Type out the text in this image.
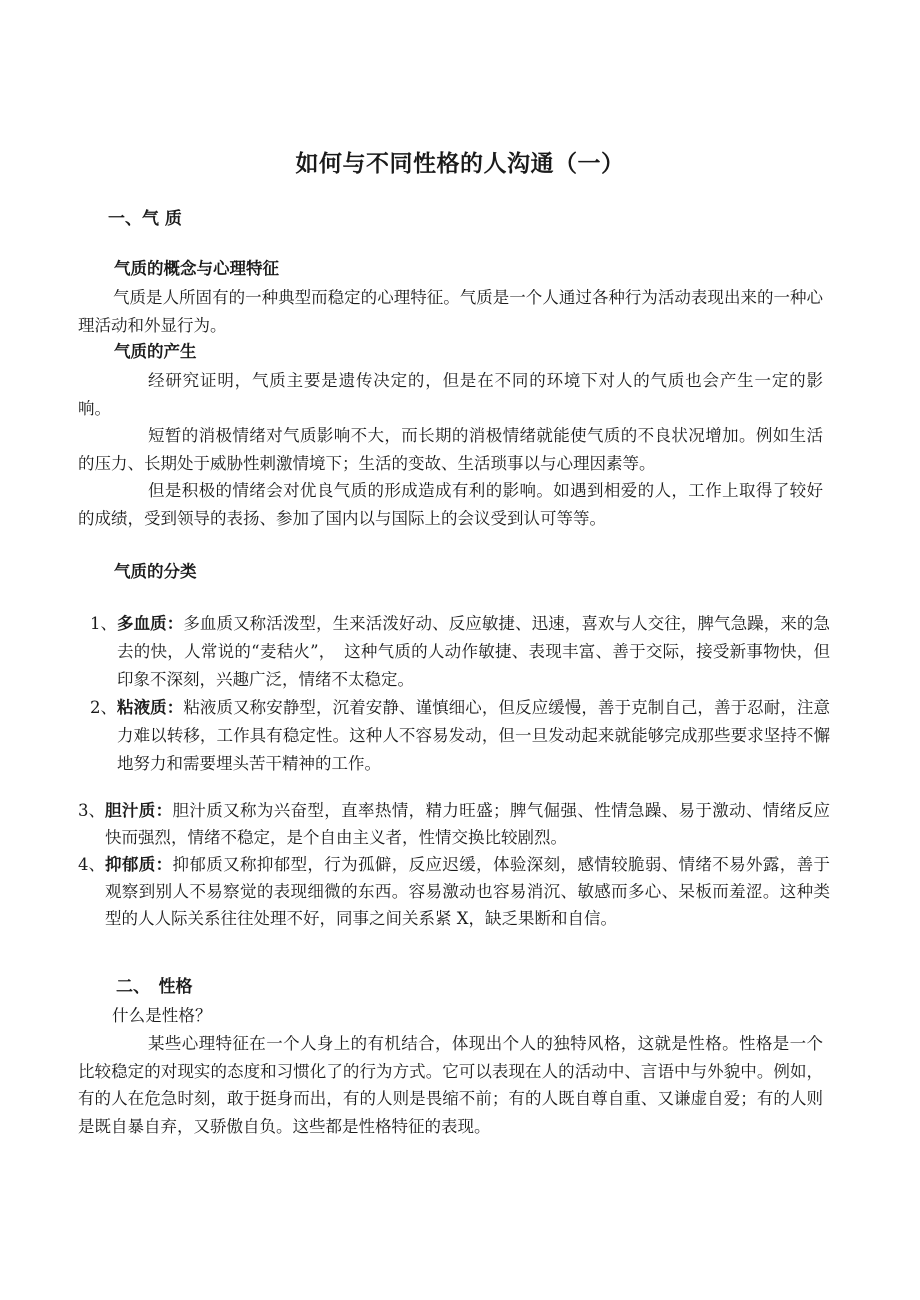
如何与不同性格的人沟通（一）
一、气 质
气质的概念与心理特征
气质是人所固有的一种典型而稳定的心理特征。气质是一个人通过各种行为活动表现出来的一种心理活动和外显行为。
气质的产生
经研究证明，气质主要是遗传决定的，但是在不同的环境下对人的气质也会产生一定的影响。
短暂的消极情绪对气质影响不大，而长期的消极情绪就能使气质的不良状况增加。例如生活的压力、长期处于威胁性刺激情境下；生活的变故、生活琐事以与心理因素等。
但是积极的情绪会对优良气质的形成造成有利的影响。如遇到相爱的人，工作上取得了较好的成绩，受到领导的表扬、参加了国内以与国际上的会议受到认可等等。
气质的分类
1、 多血质：多血质又称活泼型，生来活泼好动、反应敏捷、迅速，喜欢与人交往，脾气急躁，来的急去的快，人常说的“麦秸火”，　这种气质的人动作敏捷、表现丰富、善于交际，接受新事物快，但印象不深刻，兴趣广泛，情绪不太稳定。
2、 粘液质：粘液质又称安静型，沉着安静、谨慎细心，但反应缓慢，善于克制自己，善于忍耐，注意力难以转移，工作具有稳定性。这种人不容易发动，但一旦发动起来就能够完成那些要求坚持不懈地努力和需要埋头苦干精神的工作。
3、 胆汁质：胆汁质又称为兴奋型，直率热情，精力旺盛；脾气倔强、性情急躁、易于激动、情绪反应快而强烈，情绪不稳定，是个自由主义者，性情交换比较剧烈。
4、 抑郁质：抑郁质又称抑郁型，行为孤僻，反应迟缓，体验深刻，感情较脆弱、情绪不易外露，善于观察到别人不易察觉的表现细微的东西。容易激动也容易消沉、敏感而多心、呆板而羞涩。这种类型的人人际关系往往处理不好，同事之间关系紧 X，缺乏果断和自信。
二、　性格
什么是性格？
某些心理特征在一个人身上的有机结合，体现出个人的独特风格，这就是性格。性格是一个比较稳定的对现实的态度和习惯化了的行为方式。它可以表现在人的活动中、言语中与外貌中。例如，有的人在危急时刻，敢于挺身而出，有的人则是畏缩不前；有的人既自尊自重、又谦虚自爱；有的人则是既自暴自弃，又骄傲自负。这些都是性格特征的表现。
